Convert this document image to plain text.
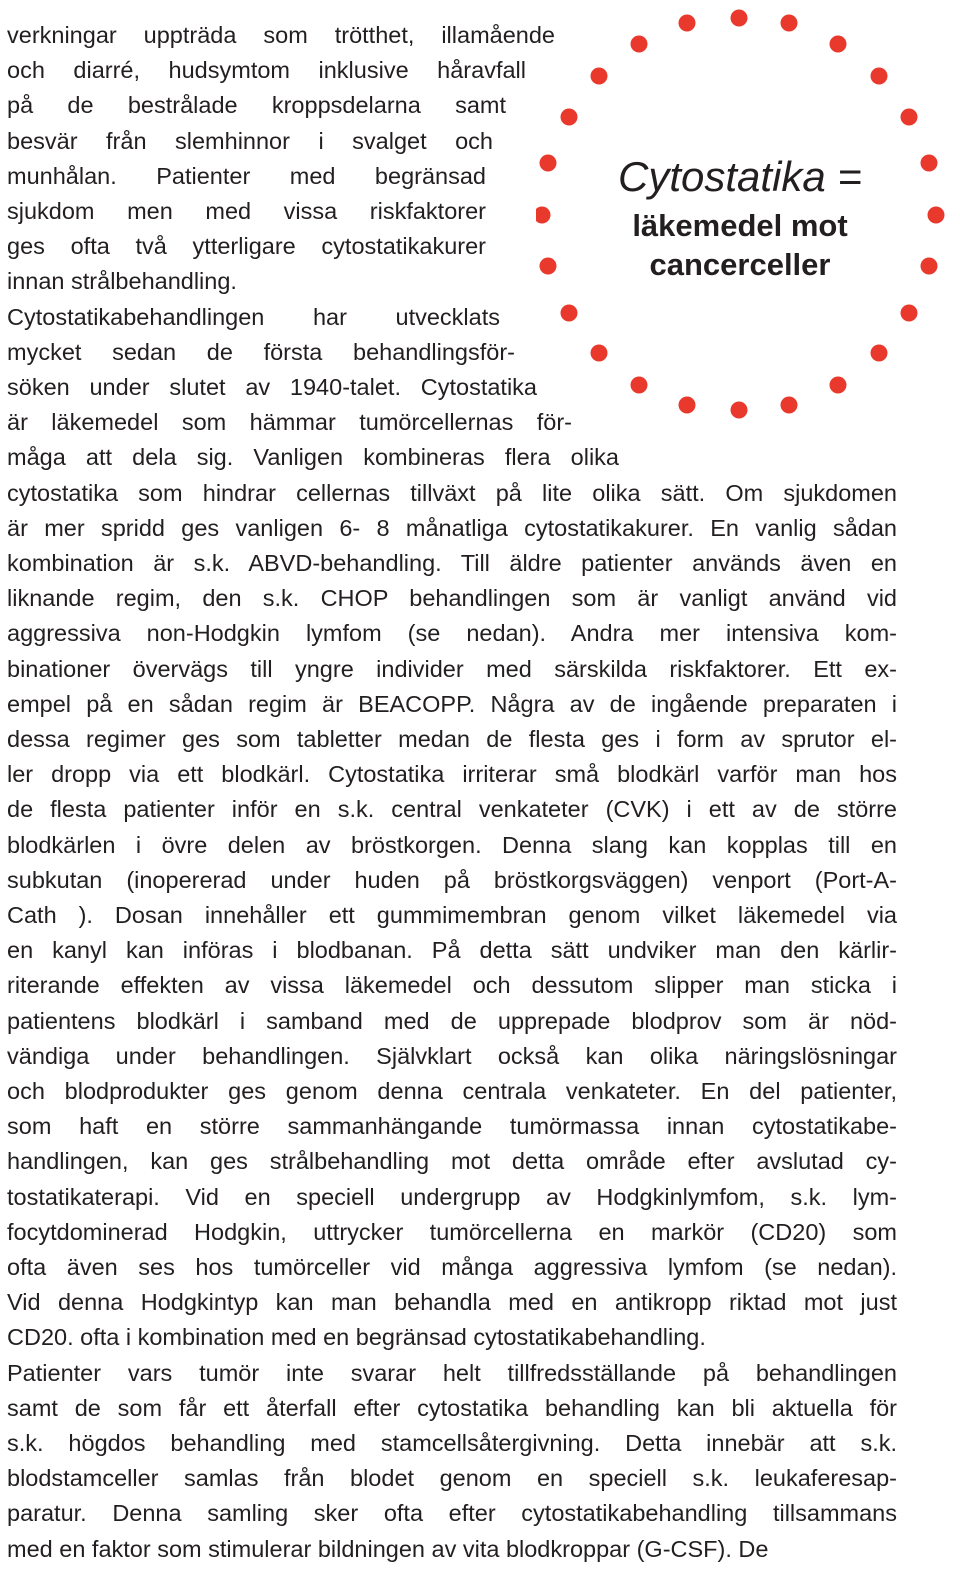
verkningar uppträda som trötthet, illamående
och diarré, hudsymtom inklusive håravfall
på de bestrålade kroppsdelarna samt
besvär från slemhinnor i svalget och
munhålan. Patienter med begränsad
sjukdom men med vissa riskfaktorer
ges ofta två ytterligare cytostatikakurer
innan strålbehandling.
Cytostatikabehandlingen har utvecklats
mycket sedan de första behandlingsför-
söken under slutet av 1940-talet. Cytostatika
är läkemedel som hämmar tumörcellernas för-
måga att dela sig. Vanligen kombineras flera olika
cytostatika som hindrar cellernas tillväxt på lite olika sätt. Om sjukdomen
är mer spridd ges vanligen 6- 8 månatliga cytostatikakurer. En vanlig sådan
kombination är s.k. ABVD-behandling. Till äldre patienter används även en
liknande regim, den s.k. CHOP behandlingen som är vanligt använd vid
aggressiva non-Hodgkin lymfom (se nedan). Andra mer intensiva kom-
binationer övervägs till yngre individer med särskilda riskfaktorer. Ett ex-
empel på en sådan regim är BEACOPP. Några av de ingående preparaten i
dessa regimer ges som tabletter medan de flesta ges i form av sprutor el-
ler dropp via ett blodkärl. Cytostatika irriterar små blodkärl varför man hos
de flesta patienter inför en s.k. central venkateter (CVK) i ett av de större
blodkärlen i övre delen av bröstkorgen. Denna slang kan kopplas till en
subkutan (inopererad under huden på bröstkorgsväggen) venport (Port-A-
Cath ). Dosan innehåller ett gummimembran genom vilket läkemedel via
en kanyl kan införas i blodbanan. På detta sätt undviker man den kärlir-
riterande effekten av vissa läkemedel och dessutom slipper man sticka i
patientens blodkärl i samband med de upprepade blodprov som är nöd-
vändiga under behandlingen. Självklart också kan olika näringslösningar
och blodprodukter ges genom denna centrala venkateter. En del patienter,
som haft en större sammanhängande tumörmassa innan cytostatikabe-
handlingen, kan ges strålbehandling mot detta område efter avslutad cy-
tostatikaterapi. Vid en speciell undergrupp av Hodgkinlymfom, s.k. lym-
focytdominerad Hodgkin, uttrycker tumörcellerna en markör (CD20) som
ofta även ses hos tumörceller vid många aggressiva lymfom (se nedan).
Vid denna Hodgkintyp kan man behandla med en antikropp riktad mot just
CD20. ofta i kombination med en begränsad cytostatikabehandling.
Patienter vars tumör inte svarar helt tillfredsställande på behandlingen
samt de som får ett återfall efter cytostatika behandling kan bli aktuella för
s.k. högdos behandling med stamcellsåtergivning. Detta innebär att s.k.
blodstamceller samlas från blodet genom en speciell s.k. leukaferesap-
paratur. Denna samling sker ofta efter cytostatikabehandling tillsammans
med en faktor som stimulerar bildningen av vita blodkroppar (G-CSF). De
Cytostatika =
läkemedel mot
cancerceller
